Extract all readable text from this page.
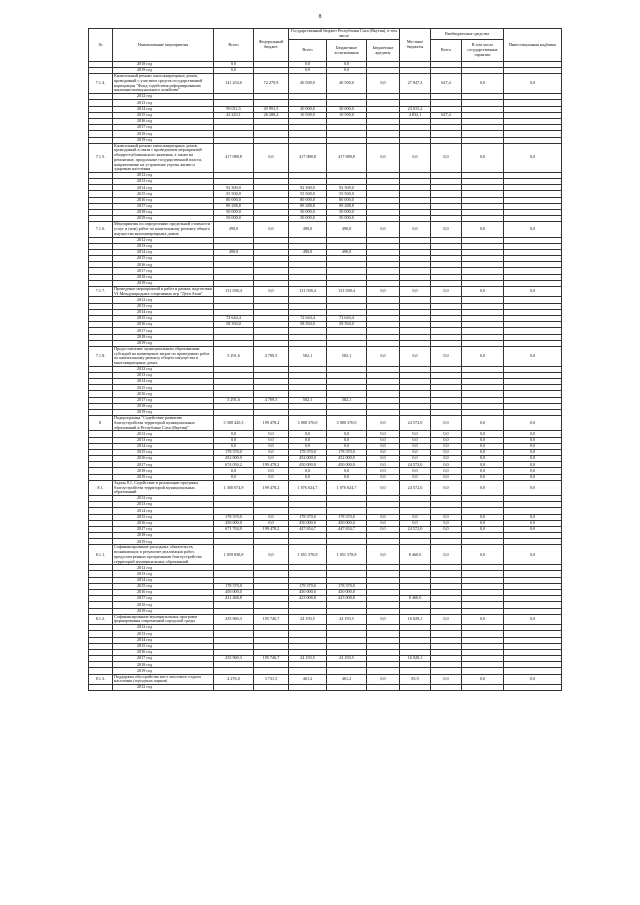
8
№	Наименование мероприятия	Всего	Федеральный бюджет	Государственный бюджет Республики Саха (Якутия), в том числе			Местные бюджеты	Внебюджетные средства		Инвестиционная надбавка
				Всего	Бюджетные ассигнования	Бюджетные кредиты		Всего	В том числе государственные гарантии	

	2018 год	0,0		0,0	0,0					
	2019 год	0,0		0,0	0,0					
7.1.4.	Капитальный ремонт многоквартирных домов, проводимый с участием средств государственной корпорации "Фонд содействия реформированию жилищно-коммунального хозяйства"	141 254,6	72 279,9	40 500,0	40 500,0	0,0	27 847,3	627,4	0,0	0,0
	2012 год									
	2013 год									
	2014 год	99 011,5	45 991,5	30 000,0	30 000,0		23 015,2			
	2015 год	42 243,1	26 288,4	10 500,0	10 500,0		4 832,1	627,4		
	2016 год									
	2017 год									
	2018 год									
	2019 год									
7.1.5.	Капитальный ремонт многоквартирных домов, проводимый в связи с проведением мероприятий общереспубликанского значения, а также на ремонтные, продольные государственной власти, направленные на устранение угрозы жизни и здоровью населения	417 088,8	0,0	417 088,8	417 088,8	0,0	0,0	0,0	0,0	0,0
	2012 год									
	2013 год									
	2014 год	92 300,0		92 300,0	92 300,0					
	2015 год	55 500,0		55 500,0	55 500,0					
	2016 год	80 000,0		80 000,0	80 000,0					
	2017 год	89 288,8		89 288,8	89 288,8					
	2018 год	50 000,0		50 000,0	50 000,0					
	2019 год	50 000,0		50 000,0	50 000,0					
7.1.6.	Мероприятия по определению предельной стоимости услуг и (или) работ по капитальному ремонту общего имущества многоквартирных домов	490,0	0,0	490,0	490,0	0,0	0,0	0,0	0,0	0,0
	2012 год									
	2013 год									
	2014 год	490,0		490,0	490,0					
	2015 год									
	2016 год									
	2017 год									
	2018 год									
	2019 год									
7.1.7.	Проведение мероприятий и работ в рамках подготовки VI Международных спортивных игр "Дети Азии"	131 038,4	0,0	131 038,4	131 038,4	0,0	0,0	0,0	0,0	0,0
	2012 год									
	2013 год									
	2014 год									
	2015 год	72 644,4		72 644,4	72 644,4					
	2016 год	58 394,0		58 394,0	58 394,0					
	2017 год									
	2018 год									
	2019 год									
7.1.8.	Предоставление муниципальным образованиям субсидий на возмещение затрат по проведению работ по капитальному ремонту общего имущества в многоквартирных домах	5 291,6	4 709,5	582,1	582,1	0,0	0,0	0,0	0,0	0,0
	2012 год									
	2013 год									
	2014 год									
	2015 год									
	2016 год									
	2017 год	5 291,6	4 709,5	582,1	582,1					
	2018 год									
	2019 год									
8.	Подпрограмма "Содействие развитию благоустройства территорий муниципальных образований в Республике Саха (Якутия)"	3 308 420,3	199 478,2	3 080 370,0	3 080 370,0	0,0	24 572,0	0,0	0,0	0,0
	2012 год	0,0	0,0	0,0	0,0	0,0	0,0	0,0	0,0	0,0
	2013 год	0,0	0,0	0,0	0,0	0,0	0,0	0,0	0,0	0,0
	2014 год	0,0	0,0	0,0	0,0	0,0	0,0	0,0	0,0	0,0
	2015 год	178 370,0	0,0	178 370,0	178 370,0	0,0	0,0	0,0	0,0	0,0
	2016 год	452 000,0	0,0	452 000,0	452 000,0	0,0	0,0	0,0	0,0	0,0
	2017 год	674 050,2	199 478,2	450 000,0	450 000,0	0,0	24 572,0	0,0	0,0	0,0
	2018 год	0,0	0,0	0,0	0,0	0,0	0,0	0,0	0,0	0,0
	2019 год	0,0	0,0	0,0	0,0	0,0	0,0	0,0	0,0	0,0
8.1.	Задача 8.1. Содействие в реализации программ благоустройства территорий муниципальных образований	1 300 074,9	199 478,2	1 076 024,7	1 076 024,7	0,0	24 572,0	0,0	0,0	0,0
	2012 год									
	2013 год									
	2014 год									
	2015 год	178 370,0	0,0	178 370,0	178 370,0	0,0	0,0	0,0	0,0	0,0
	2016 год	450 000,0	0,0	450 000,0	450 000,0	0,0	0,0	0,0	0,0	0,0
	2017 год	671 704,9	199 478,2	447 654,7	447 654,7	0,0	24 572,0	0,0	0,0	0,0
	2018 год									
	2019 год									
8.1.1.	Софинансирование расходных обязательств, возникающих в результате реализации работ, предусмотренных программами благоустройства территорий муниципальных образований	1 059 838,8	0,0	1 051 378,8	1 051 378,8	0,0	8 460,0	0,0	0,0	0,0
	2012 год									
	2013 год									
	2014 год									
	2015 год	178 370,0		178 370,0	178 370,0					
	2016 год	450 000,0		450 000,0	450 000,0					
	2017 год	431 468,8		423 008,8	423 008,8		8 460,0			
	2018 год									
	2019 год									
8.1.2.	Софинансирование муниципальных программ формирования современной городской среды	235 960,3	195 746,7	24 193,5	24 193,5	0,0	16 028,1	0,0	0,0	0,0
	2012 год									
	2013 год									
	2014 год									
	2015 год									
	2016 год									
	2017 год	235 960,3	195 746,7	24 193,5	24 193,5		16 028,1			
	2018 год									
	2019 год									
8.1.3.	Поддержка обустройства мест массового отдыха населения (городских парков)	4 276,0	3 731,5	461,2	461,2	0,0	83,9	0,0	0,0	0,0
	2012 год									
